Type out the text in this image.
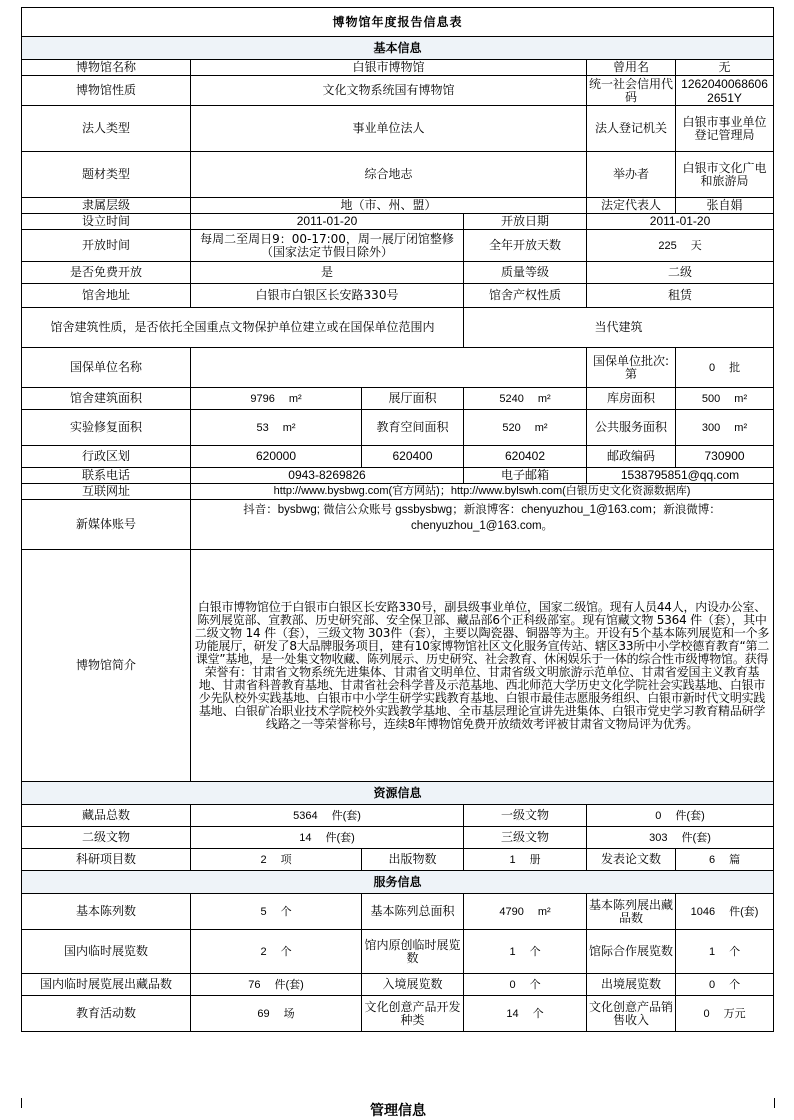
博物馆年度报告信息表					
基本信息					
博物馆名称	白银市博物馆			曾用名	无
博物馆性质	文化文物系统国有博物馆			统一社会信用代码	12620400686062651Y
法人类型	事业单位法人			法人登记机关	白银市事业单位登记管理局
题材类型	综合地志			举办者	白银市文化广电和旅游局
隶属层级	地（市、州、盟）			法定代表人	张自娟
设立时间	2011-01-20		开放日期	2011-01-20	
开放时间	每周二至周日9：00-17:00，周一展厅闭馆整修（国家法定节假日除外）		全年开放天数	225 天	
是否免费开放	是		质量等级	二级	
馆舍地址	白银市白银区长安路330号		馆舍产权性质	租赁	
馆舍建筑性质，是否依托全国重点文物保护单位建立或在国保单位范围内			当代建筑		
国保单位名称				国保单位批次:第	0 批
馆舍建筑面积	9796 m²	展厅面积	5240 m²	库房面积	500 m²
实验修复面积	53 m²	教育空间面积	520 m²	公共服务面积	300 m²
行政区划	620000	620400	620402	邮政编码	730900
联系电话	0943-8269826		电子邮箱	1538795851@qq.com	
互联网址	http://www.bysbwg.com(官方网站)；http://www.bylswh.com(白银历史文化资源数据库)				
新媒体账号	抖音：bysbwg; 微信公众账号 gssbysbwg；新浪博客：chenyuzhou_1@163.com；新浪微博：chenyuzhou_1@163.com。				
博物馆简介	白银市博物馆位于白银市白银区长安路330号，副县级事业单位，国家二级馆。现有人员44人，内设办公室、陈列展览部、宣教部、历史研究部、安全保卫部、藏品部6个正科级部室。现有馆藏文物 5364 件（套），其中二级文物 14 件（套），三级文物 303件（套），主要以陶瓷器、铜器等为主。开设有5个基本陈列展览和一个多功能展厅，研发了8大品牌服务项目，建有10家博物馆社区文化服务宣传站、辖区33所中小学校德育教育“第二课堂”基地，是一处集文物收藏、陈列展示、历史研究、社会教育、休闲娱乐于一体的综合性市级博物馆。获得荣誉有：甘肃省文物系统先进集体、甘肃省文明单位、甘肃省级文明旅游示范单位、甘肃省爱国主义教育基地、甘肃省科普教育基地、甘肃省社会科学普及示范基地、西北师范大学历史文化学院社会实践基地、白银市少先队校外实践基地、白银市中小学生研学实践教育基地、白银市最佳志愿服务组织、白银市新时代文明实践基地、白银矿冶职业技术学院校外实践教学基地、全市基层理论宣讲先进集体、白银市党史学习教育精品研学线路之一等荣誉称号，连续8年博物馆免费开放绩效考评被甘肃省文物局评为优秀。				
资源信息					
藏品总数	5364 件(套)		一级文物	0 件(套)	
二级文物	14 件(套)		三级文物	303 件(套)	
科研项目数	2 项	出版物数	1 册	发表论文数	6 篇
服务信息					
基本陈列数	5 个	基本陈列总面积	4790 m²	基本陈列展出藏品数	1046 件(套)
国内临时展览数	2 个	馆内原创临时展览数	1 个	馆际合作展览数	1 个
国内临时展览展出藏品数	76 件(套)	入境展览数	0 个	出境展览数	0 个
教育活动数	69 场	文化创意产品开发种类	14 个	文化创意产品销售收入	0 万元
管理信息
